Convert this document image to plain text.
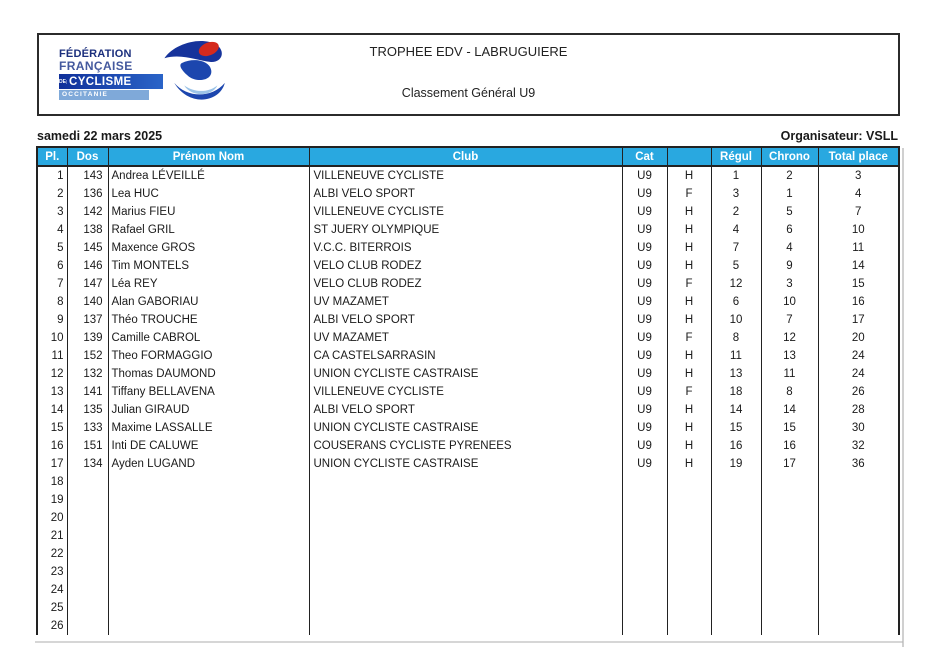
FÉDÉRATION
FRANÇAISE
DE CYCLISME
OCCITANIE
TROPHEE EDV - LABRUGUIERE
Classement Général U9
samedi 22 mars 2025	Organisateur: VSLL
Pl.	Dos	Prénom Nom	Club	Cat		Régul	Chrono	Total place
1	143	Andrea LÉVEILLÉ	VILLENEUVE CYCLISTE	U9	H	1	2	3
2	136	Lea HUC	ALBI VELO SPORT	U9	F	3	1	4
3	142	Marius FIEU	VILLENEUVE CYCLISTE	U9	H	2	5	7
4	138	Rafael GRIL	ST JUERY OLYMPIQUE	U9	H	4	6	10
5	145	Maxence GROS	V.C.C. BITERROIS	U9	H	7	4	11
6	146	Tim MONTELS	VELO CLUB RODEZ	U9	H	5	9	14
7	147	Léa REY	VELO CLUB RODEZ	U9	F	12	3	15
8	140	Alan GABORIAU	UV MAZAMET	U9	H	6	10	16
9	137	Théo TROUCHE	ALBI VELO SPORT	U9	H	10	7	17
10	139	Camille CABROL	UV MAZAMET	U9	F	8	12	20
11	152	Theo FORMAGGIO	CA CASTELSARRASIN	U9	H	11	13	24
12	132	Thomas DAUMOND	UNION CYCLISTE CASTRAISE	U9	H	13	11	24
13	141	Tiffany BELLAVENA	VILLENEUVE CYCLISTE	U9	F	18	8	26
14	135	Julian GIRAUD	ALBI VELO SPORT	U9	H	14	14	28
15	133	Maxime LASSALLE	UNION CYCLISTE CASTRAISE	U9	H	15	15	30
16	151	Inti DE CALUWE	COUSERANS CYCLISTE PYRENEES	U9	H	16	16	32
17	134	Ayden LUGAND	UNION CYCLISTE CASTRAISE	U9	H	19	17	36
18								
19								
20								
21								
22								
23								
24								
25								
26								
